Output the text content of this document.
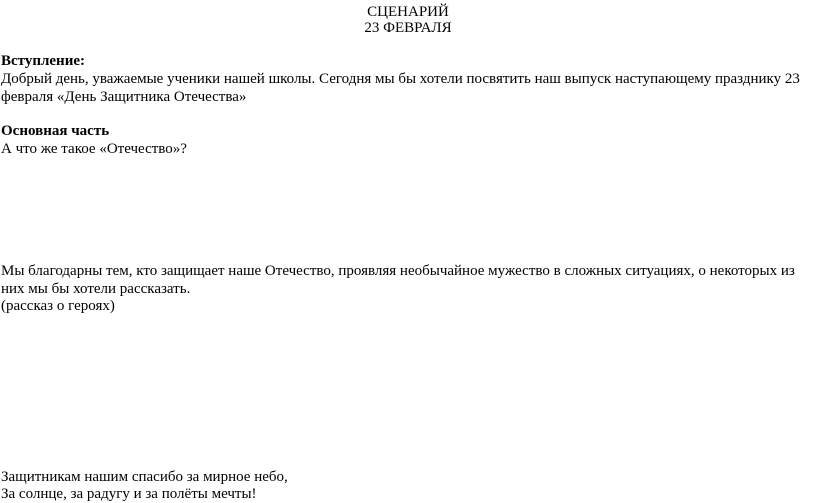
СЦЕНАРИЙ
23 ФЕВРАЛЯ
Вступление:
Добрый день, уважаемые ученики нашей школы. Сегодня мы бы хотели посвятить наш выпуск наступающему празднику 23
февраля «День Защитника Отечества»
Основная часть
А что же такое «Отечество»?
Мы благодарны тем, кто защищает наше Отечество, проявляя необычайное мужество в сложных ситуациях, о некоторых из
них мы бы хотели рассказать.
(рассказ о героях)
Защитникам нашим спасибо за мирное небо,
За солнце, за радугу и за полёты мечты!
